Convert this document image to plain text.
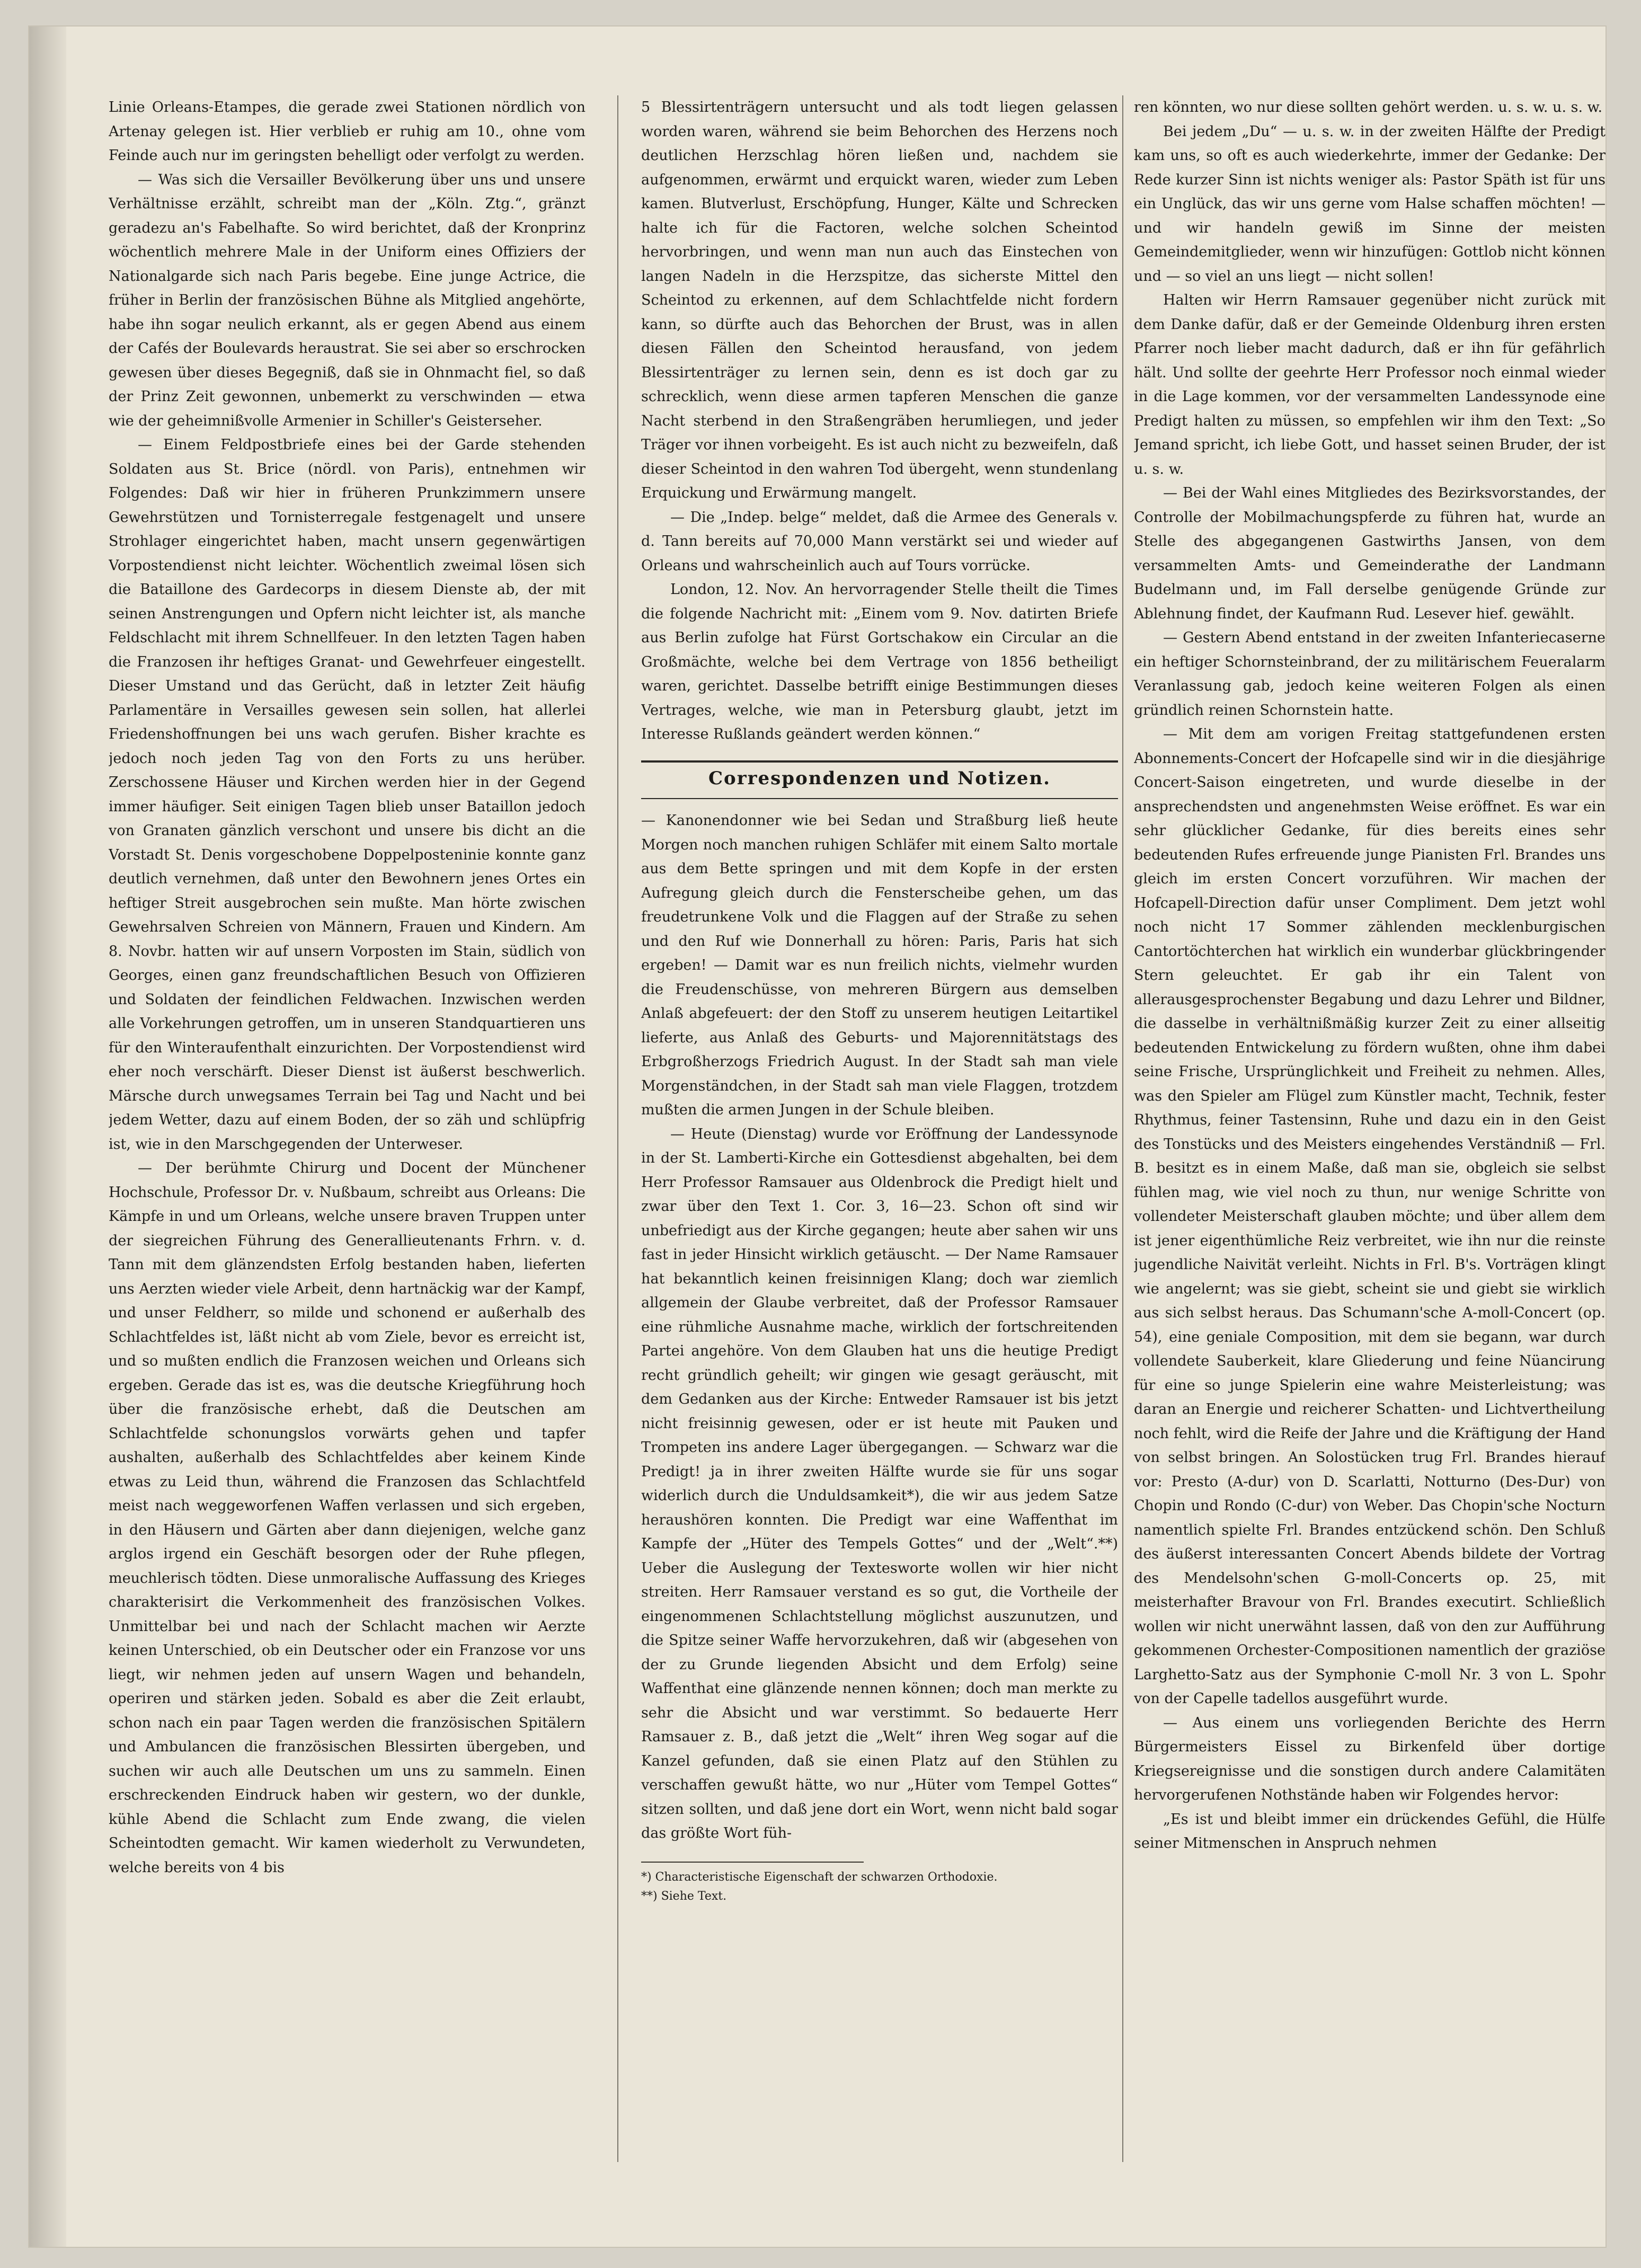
Linie Orleans-Etampes, die gerade zwei Stationen nördlich von Artenay gelegen ist. Hier verblieb er ruhig am 10., ohne vom Feinde auch nur im geringsten behelligt oder verfolgt zu werden.

— Was sich die Versailler Bevölkerung über uns und unsere Verhältnisse erzählt, schreibt man der „Köln. Ztg.“, gränzt geradezu an's Fabelhafte. So wird berichtet, daß der Kronprinz wöchentlich mehrere Male in der Uniform eines Offiziers der Nationalgarde sich nach Paris begebe. Eine junge Actrice, die früher in Berlin der französischen Bühne als Mitglied angehörte, habe ihn sogar neulich erkannt, als er gegen Abend aus einem der Cafés der Boulevards heraustrat. Sie sei aber so erschrocken gewesen über dieses Begegniß, daß sie in Ohnmacht fiel, so daß der Prinz Zeit gewonnen, unbemerkt zu verschwinden — etwa wie der geheimnißvolle Armenier in Schiller's Geisterseher.

— Einem Feldpostbriefe eines bei der Garde stehenden Soldaten aus St. Brice (nördl. von Paris), entnehmen wir Folgendes: Daß wir hier in früheren Prunkzimmern unsere Gewehrstützen und Tornisterregale festgenagelt und unsere Strohlager eingerichtet haben, macht unsern gegenwärtigen Vorpostendienst nicht leichter. Wöchentlich zweimal lösen sich die Bataillone des Gardecorps in diesem Dienste ab, der mit seinen Anstrengungen und Opfern nicht leichter ist, als manche Feldschlacht mit ihrem Schnellfeuer. In den letzten Tagen haben die Franzosen ihr heftiges Granat- und Gewehrfeuer eingestellt. Dieser Umstand und das Gerücht, daß in letzter Zeit häufig Parlamentäre in Versailles gewesen sein sollen, hat allerlei Friedenshoffnungen bei uns wach gerufen. Bisher krachte es jedoch noch jeden Tag von den Forts zu uns herüber. Zerschossene Häuser und Kirchen werden hier in der Gegend immer häufiger. Seit einigen Tagen blieb unser Bataillon jedoch von Granaten gänzlich verschont und unsere bis dicht an die Vorstadt St. Denis vorgeschobene Doppelposteninie konnte ganz deutlich vernehmen, daß unter den Bewohnern jenes Ortes ein heftiger Streit ausgebrochen sein mußte. Man hörte zwischen Gewehrsalven Schreien von Männern, Frauen und Kindern. Am 8. Novbr. hatten wir auf unsern Vorposten im Stain, südlich von Georges, einen ganz freundschaftlichen Besuch von Offizieren und Soldaten der feindlichen Feldwachen. Inzwischen werden alle Vorkehrungen getroffen, um in unseren Standquartieren uns für den Winteraufenthalt einzurichten. Der Vorpostendienst wird eher noch verschärft. Dieser Dienst ist äußerst beschwerlich. Märsche durch unwegsames Terrain bei Tag und Nacht und bei jedem Wetter, dazu auf einem Boden, der so zäh und schlüpfrig ist, wie in den Marschgegenden der Unterweser.

— Der berühmte Chirurg und Docent der Münchener Hochschule, Professor Dr. v. Nußbaum, schreibt aus Orleans: Die Kämpfe in und um Orleans, welche unsere braven Truppen unter der siegreichen Führung des Generallieutenants Frhrn. v. d. Tann mit dem glänzendsten Erfolg bestanden haben, lieferten uns Aerzten wieder viele Arbeit, denn hartnäckig war der Kampf, und unser Feldherr, so milde und schonend er außerhalb des Schlachtfeldes ist, läßt nicht ab vom Ziele, bevor es erreicht ist, und so mußten endlich die Franzosen weichen und Orleans sich ergeben. Gerade das ist es, was die deutsche Kriegführung hoch über die französische erhebt, daß die Deutschen am Schlachtfelde schonungslos vorwärts gehen und tapfer aushalten, außerhalb des Schlachtfeldes aber keinem Kinde etwas zu Leid thun, während die Franzosen das Schlachtfeld meist nach weggeworfenen Waffen verlassen und sich ergeben, in den Häusern und Gärten aber dann diejenigen, welche ganz arglos irgend ein Geschäft besorgen oder der Ruhe pflegen, meuchlerisch tödten. Diese unmoralische Auffassung des Krieges charakterisirt die Verkommenheit des französischen Volkes. Unmittelbar bei und nach der Schlacht machen wir Aerzte keinen Unterschied, ob ein Deutscher oder ein Franzose vor uns liegt, wir nehmen jeden auf unsern Wagen und behandeln, operiren und stärken jeden. Sobald es aber die Zeit erlaubt, schon nach ein paar Tagen werden die französischen Spitälern und Ambulancen die französischen Blessirten übergeben, und suchen wir auch alle Deutschen um uns zu sammeln. Einen erschreckenden Eindruck haben wir gestern, wo der dunkle, kühle Abend die Schlacht zum Ende zwang, die vielen Scheintodten gemacht. Wir kamen wiederholt zu Verwundeten, welche bereits von 4 bis

5 Blessirtenträgern untersucht und als todt liegen gelassen worden waren, während sie beim Behorchen des Herzens noch deutlichen Herzschlag hören ließen und, nachdem sie aufgenommen, erwärmt und erquickt waren, wieder zum Leben kamen. Blutverlust, Erschöpfung, Hunger, Kälte und Schrecken halte ich für die Factoren, welche solchen Scheintod hervorbringen, und wenn man nun auch das Einstechen von langen Nadeln in die Herzspitze, das sicherste Mittel den Scheintod zu erkennen, auf dem Schlachtfelde nicht fordern kann, so dürfte auch das Behorchen der Brust, was in allen diesen Fällen den Scheintod herausfand, von jedem Blessirtenträger zu lernen sein, denn es ist doch gar zu schrecklich, wenn diese armen tapferen Menschen die ganze Nacht sterbend in den Straßengräben herumliegen, und jeder Träger vor ihnen vorbeigeht. Es ist auch nicht zu bezweifeln, daß dieser Scheintod in den wahren Tod übergeht, wenn stundenlang Erquickung und Erwärmung mangelt.

— Die „Indep. belge“ meldet, daß die Armee des Generals v. d. Tann bereits auf 70,000 Mann verstärkt sei und wieder auf Orleans und wahrscheinlich auch auf Tours vorrücke.

London, 12. Nov. An hervorragender Stelle theilt die Times die folgende Nachricht mit: „Einem vom 9. Nov. datirten Briefe aus Berlin zufolge hat Fürst Gortschakow ein Circular an die Großmächte, welche bei dem Vertrage von 1856 betheiligt waren, gerichtet. Dasselbe betrifft einige Bestimmungen dieses Vertrages, welche, wie man in Petersburg glaubt, jetzt im Interesse Rußlands geändert werden können.“

Correspondenzen und Notizen.

— Kanonendonner wie bei Sedan und Straßburg ließ heute Morgen noch manchen ruhigen Schläfer mit einem Salto mortale aus dem Bette springen und mit dem Kopfe in der ersten Aufregung gleich durch die Fensterscheibe gehen, um das freudetrunkene Volk und die Flaggen auf der Straße zu sehen und den Ruf wie Donnerhall zu hören: Paris, Paris hat sich ergeben! — Damit war es nun freilich nichts, vielmehr wurden die Freudenschüsse, von mehreren Bürgern aus demselben Anlaß abgefeuert: der den Stoff zu unserem heutigen Leitartikel lieferte, aus Anlaß des Geburts- und Majorennitätstags des Erbgroßherzogs Friedrich August. In der Stadt sah man viele Morgenständchen, in der Stadt sah man viele Flaggen, trotzdem mußten die armen Jungen in der Schule bleiben.

— Heute (Dienstag) wurde vor Eröffnung der Landessynode in der St. Lamberti-Kirche ein Gottesdienst abgehalten, bei dem Herr Professor Ramsauer aus Oldenbrock die Predigt hielt und zwar über den Text 1. Cor. 3, 16—23. Schon oft sind wir unbefriedigt aus der Kirche gegangen; heute aber sahen wir uns fast in jeder Hinsicht wirklich getäuscht. — Der Name Ramsauer hat bekanntlich keinen freisinnigen Klang; doch war ziemlich allgemein der Glaube verbreitet, daß der Professor Ramsauer eine rühmliche Ausnahme mache, wirklich der fortschreitenden Partei angehöre. Von dem Glauben hat uns die heutige Predigt recht gründlich geheilt; wir gingen wie gesagt geräuscht, mit dem Gedanken aus der Kirche: Entweder Ramsauer ist bis jetzt nicht freisinnig gewesen, oder er ist heute mit Pauken und Trompeten ins andere Lager übergegangen. — Schwarz war die Predigt! ja in ihrer zweiten Hälfte wurde sie für uns sogar widerlich durch die Unduldsamkeit*), die wir aus jedem Satze heraushören konnten. Die Predigt war eine Waffenthat im Kampfe der „Hüter des Tempels Gottes“ und der „Welt“.**) Ueber die Auslegung der Textesworte wollen wir hier nicht streiten. Herr Ramsauer verstand es so gut, die Vortheile der eingenommenen Schlachtstellung möglichst auszunutzen, und die Spitze seiner Waffe hervorzukehren, daß wir (abgesehen von der zu Grunde liegenden Absicht und dem Erfolg) seine Waffenthat eine glänzende nennen können; doch man merkte zu sehr die Absicht und war verstimmt. So bedauerte Herr Ramsauer z. B., daß jetzt die „Welt“ ihren Weg sogar auf die Kanzel gefunden, daß sie einen Platz auf den Stühlen zu verschaffen gewußt hätte, wo nur „Hüter vom Tempel Gottes“ sitzen sollten, und daß jene dort ein Wort, wenn nicht bald sogar das größte Wort füh-

*) Characteristische Eigenschaft der schwarzen Orthodoxie.

**) Siehe Text.

ren könnten, wo nur diese sollten gehört werden. u. s. w. u. s. w.

Bei jedem „Du“ — u. s. w. in der zweiten Hälfte der Predigt kam uns, so oft es auch wiederkehrte, immer der Gedanke: Der Rede kurzer Sinn ist nichts weniger als: Pastor Späth ist für uns ein Unglück, das wir uns gerne vom Halse schaffen möchten! — und wir handeln gewiß im Sinne der meisten Gemeindemitglieder, wenn wir hinzufügen: Gottlob nicht können und — so viel an uns liegt — nicht sollen!

Halten wir Herrn Ramsauer gegenüber nicht zurück mit dem Danke dafür, daß er der Gemeinde Oldenburg ihren ersten Pfarrer noch lieber macht dadurch, daß er ihn für gefährlich hält. Und sollte der geehrte Herr Professor noch einmal wieder in die Lage kommen, vor der versammelten Landessynode eine Predigt halten zu müssen, so empfehlen wir ihm den Text: „So Jemand spricht, ich liebe Gott, und hasset seinen Bruder, der ist u. s. w.

— Bei der Wahl eines Mitgliedes des Bezirksvorstandes, der Controlle der Mobilmachungspferde zu führen hat, wurde an Stelle des abgegangenen Gastwirths Jansen, von dem versammelten Amts- und Gemeinderathe der Landmann Budelmann und, im Fall derselbe genügende Gründe zur Ablehnung findet, der Kaufmann Rud. Lesever hief. gewählt.

— Gestern Abend entstand in der zweiten Infanteriecaserne ein heftiger Schornsteinbrand, der zu militärischem Feueralarm Veranlassung gab, jedoch keine weiteren Folgen als einen gründlich reinen Schornstein hatte.

— Mit dem am vorigen Freitag stattgefundenen ersten Abonnements-Concert der Hofcapelle sind wir in die diesjährige Concert-Saison eingetreten, und wurde dieselbe in der ansprechendsten und angenehmsten Weise eröffnet. Es war ein sehr glücklicher Gedanke, für dies bereits eines sehr bedeutenden Rufes erfreuende junge Pianisten Frl. Brandes uns gleich im ersten Concert vorzuführen. Wir machen der Hofcapell-Direction dafür unser Compliment. Dem jetzt wohl noch nicht 17 Sommer zählenden mecklenburgischen Cantortöchterchen hat wirklich ein wunderbar glückbringender Stern geleuchtet. Er gab ihr ein Talent von allerausgesprochenster Begabung und dazu Lehrer und Bildner, die dasselbe in verhältnißmäßig kurzer Zeit zu einer allseitig bedeutenden Entwickelung zu fördern wußten, ohne ihm dabei seine Frische, Ursprünglichkeit und Freiheit zu nehmen. Alles, was den Spieler am Flügel zum Künstler macht, Technik, fester Rhythmus, feiner Tastensinn, Ruhe und dazu ein in den Geist des Tonstücks und des Meisters eingehendes Verständniß — Frl. B. besitzt es in einem Maße, daß man sie, obgleich sie selbst fühlen mag, wie viel noch zu thun, nur wenige Schritte von vollendeter Meisterschaft glauben möchte; und über allem dem ist jener eigenthümliche Reiz verbreitet, wie ihn nur die reinste jugendliche Naivität verleiht. Nichts in Frl. B's. Vorträgen klingt wie angelernt; was sie giebt, scheint sie und giebt sie wirklich aus sich selbst heraus. Das Schumann'sche A-moll-Concert (op. 54), eine geniale Composition, mit dem sie begann, war durch vollendete Sauberkeit, klare Gliederung und feine Nüancirung für eine so junge Spielerin eine wahre Meisterleistung; was daran an Energie und reicherer Schatten- und Lichtvertheilung noch fehlt, wird die Reife der Jahre und die Kräftigung der Hand von selbst bringen. An Solostücken trug Frl. Brandes hierauf vor: Presto (A-dur) von D. Scarlatti, Notturno (Des-Dur) von Chopin und Rondo (C-dur) von Weber. Das Chopin'sche Nocturn namentlich spielte Frl. Brandes entzückend schön. Den Schluß des äußerst interessanten Concert Abends bildete der Vortrag des Mendelsohn'schen G-moll-Concerts op. 25, mit meisterhafter Bravour von Frl. Brandes executirt. Schließlich wollen wir nicht unerwähnt lassen, daß von den zur Aufführung gekommenen Orchester-Compositionen namentlich der graziöse Larghetto-Satz aus der Symphonie C-moll Nr. 3 von L. Spohr von der Capelle tadellos ausgeführt wurde.

— Aus einem uns vorliegenden Berichte des Herrn Bürgermeisters Eissel zu Birkenfeld über dortige Kriegsereignisse und die sonstigen durch andere Calamitäten hervorgerufenen Nothstände haben wir Folgendes hervor:

„Es ist und bleibt immer ein drückendes Gefühl, die Hülfe seiner Mitmenschen in Anspruch nehmen
